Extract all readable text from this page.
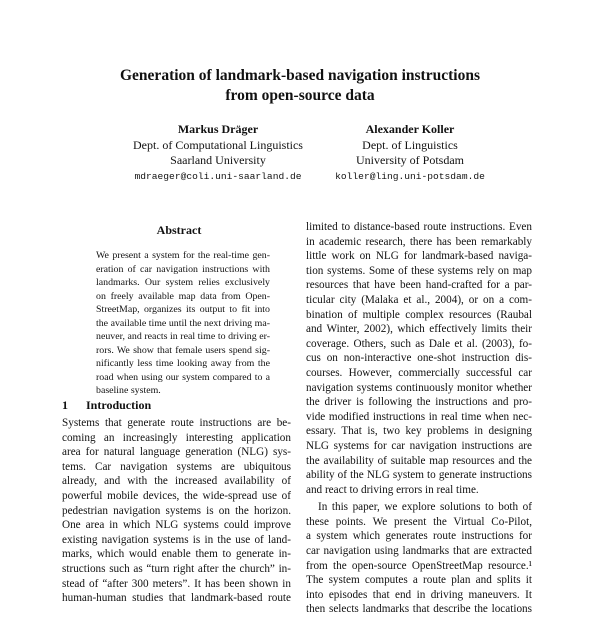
Generation of landmark-based navigation instructions
from open-source data
Markus Dräger
Dept. of Computational Linguistics
Saarland University
mdraeger@coli.uni-saarland.de
Alexander Koller
Dept. of Linguistics
University of Potsdam
koller@ling.uni-potsdam.de
Abstract
We present a system for the real-time gen-
eration of car navigation instructions with
landmarks. Our system relies exclusively
on freely available map data from Open-
StreetMap, organizes its output to fit into
the available time until the next driving ma-
neuver, and reacts in real time to driving er-
rors. We show that female users spend sig-
nificantly less time looking away from the
road when using our system compared to a
baseline system.
1 Introduction
Systems that generate route instructions are be-
coming an increasingly interesting application
area for natural language generation (NLG) sys-
tems. Car navigation systems are ubiquitous
already, and with the increased availability of
powerful mobile devices, the wide-spread use of
pedestrian navigation systems is on the horizon.
One area in which NLG systems could improve
existing navigation systems is in the use of land-
marks, which would enable them to generate in-
structions such as “turn right after the church” in-
stead of “after 300 meters”. It has been shown in
human-human studies that landmark-based route
limited to distance-based route instructions. Even
in academic research, there has been remarkably
little work on NLG for landmark-based naviga-
tion systems. Some of these systems rely on map
resources that have been hand-crafted for a par-
ticular city (Malaka et al., 2004), or on a com-
bination of multiple complex resources (Raubal
and Winter, 2002), which effectively limits their
coverage. Others, such as Dale et al. (2003), fo-
cus on non-interactive one-shot instruction dis-
courses. However, commercially successful car
navigation systems continuously monitor whether
the driver is following the instructions and pro-
vide modified instructions in real time when nec-
essary. That is, two key problems in designing
NLG systems for car navigation instructions are
the availability of suitable map resources and the
ability of the NLG system to generate instructions
and react to driving errors in real time.
In this paper, we explore solutions to both of
these points. We present the Virtual Co-Pilot,
a system which generates route instructions for
car navigation using landmarks that are extracted
from the open-source OpenStreetMap resource.¹
The system computes a route plan and splits it
into episodes that end in driving maneuvers. It
then selects landmarks that describe the locations
